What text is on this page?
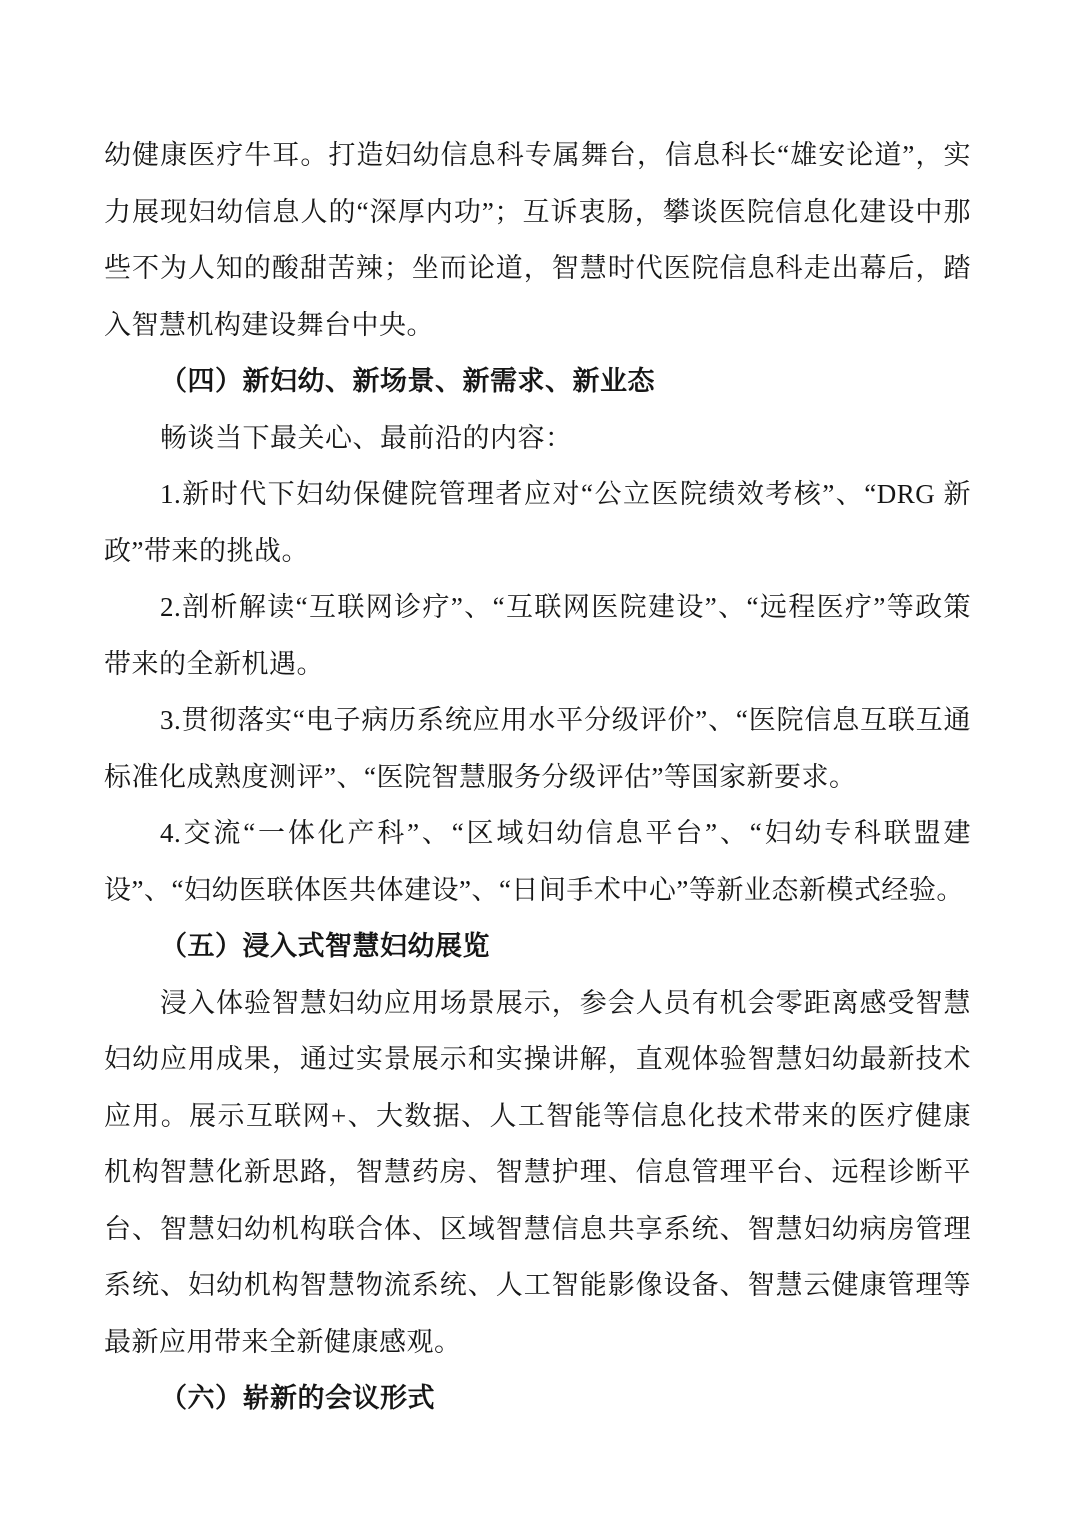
幼健康医疗牛耳。打造妇幼信息科专属舞台，信息科长“雄安论道”，实力展现妇幼信息人的“深厚内功”；互诉衷肠，攀谈医院信息化建设中那些不为人知的酸甜苦辣；坐而论道，智慧时代医院信息科走出幕后，踏入智慧机构建设舞台中央。

（四）新妇幼、新场景、新需求、新业态

畅谈当下最关心、最前沿的内容：

1.新时代下妇幼保健院管理者应对“公立医院绩效考核”、“DRG 新政”带来的挑战。

2.剖析解读“互联网诊疗”、“互联网医院建设”、“远程医疗”等政策带来的全新机遇。

3.贯彻落实“电子病历系统应用水平分级评价”、“医院信息互联互通标准化成熟度测评”、“医院智慧服务分级评估”等国家新要求。

4.交流“一体化产科”、“区域妇幼信息平台”、“妇幼专科联盟建设”、“妇幼医联体医共体建设”、“日间手术中心”等新业态新模式经验。

（五）浸入式智慧妇幼展览

浸入体验智慧妇幼应用场景展示，参会人员有机会零距离感受智慧妇幼应用成果，通过实景展示和实操讲解，直观体验智慧妇幼最新技术应用。展示互联网+、大数据、人工智能等信息化技术带来的医疗健康机构智慧化新思路，智慧药房、智慧护理、信息管理平台、远程诊断平台、智慧妇幼机构联合体、区域智慧信息共享系统、智慧妇幼病房管理系统、妇幼机构智慧物流系统、人工智能影像设备、智慧云健康管理等最新应用带来全新健康感观。

（六）崭新的会议形式
